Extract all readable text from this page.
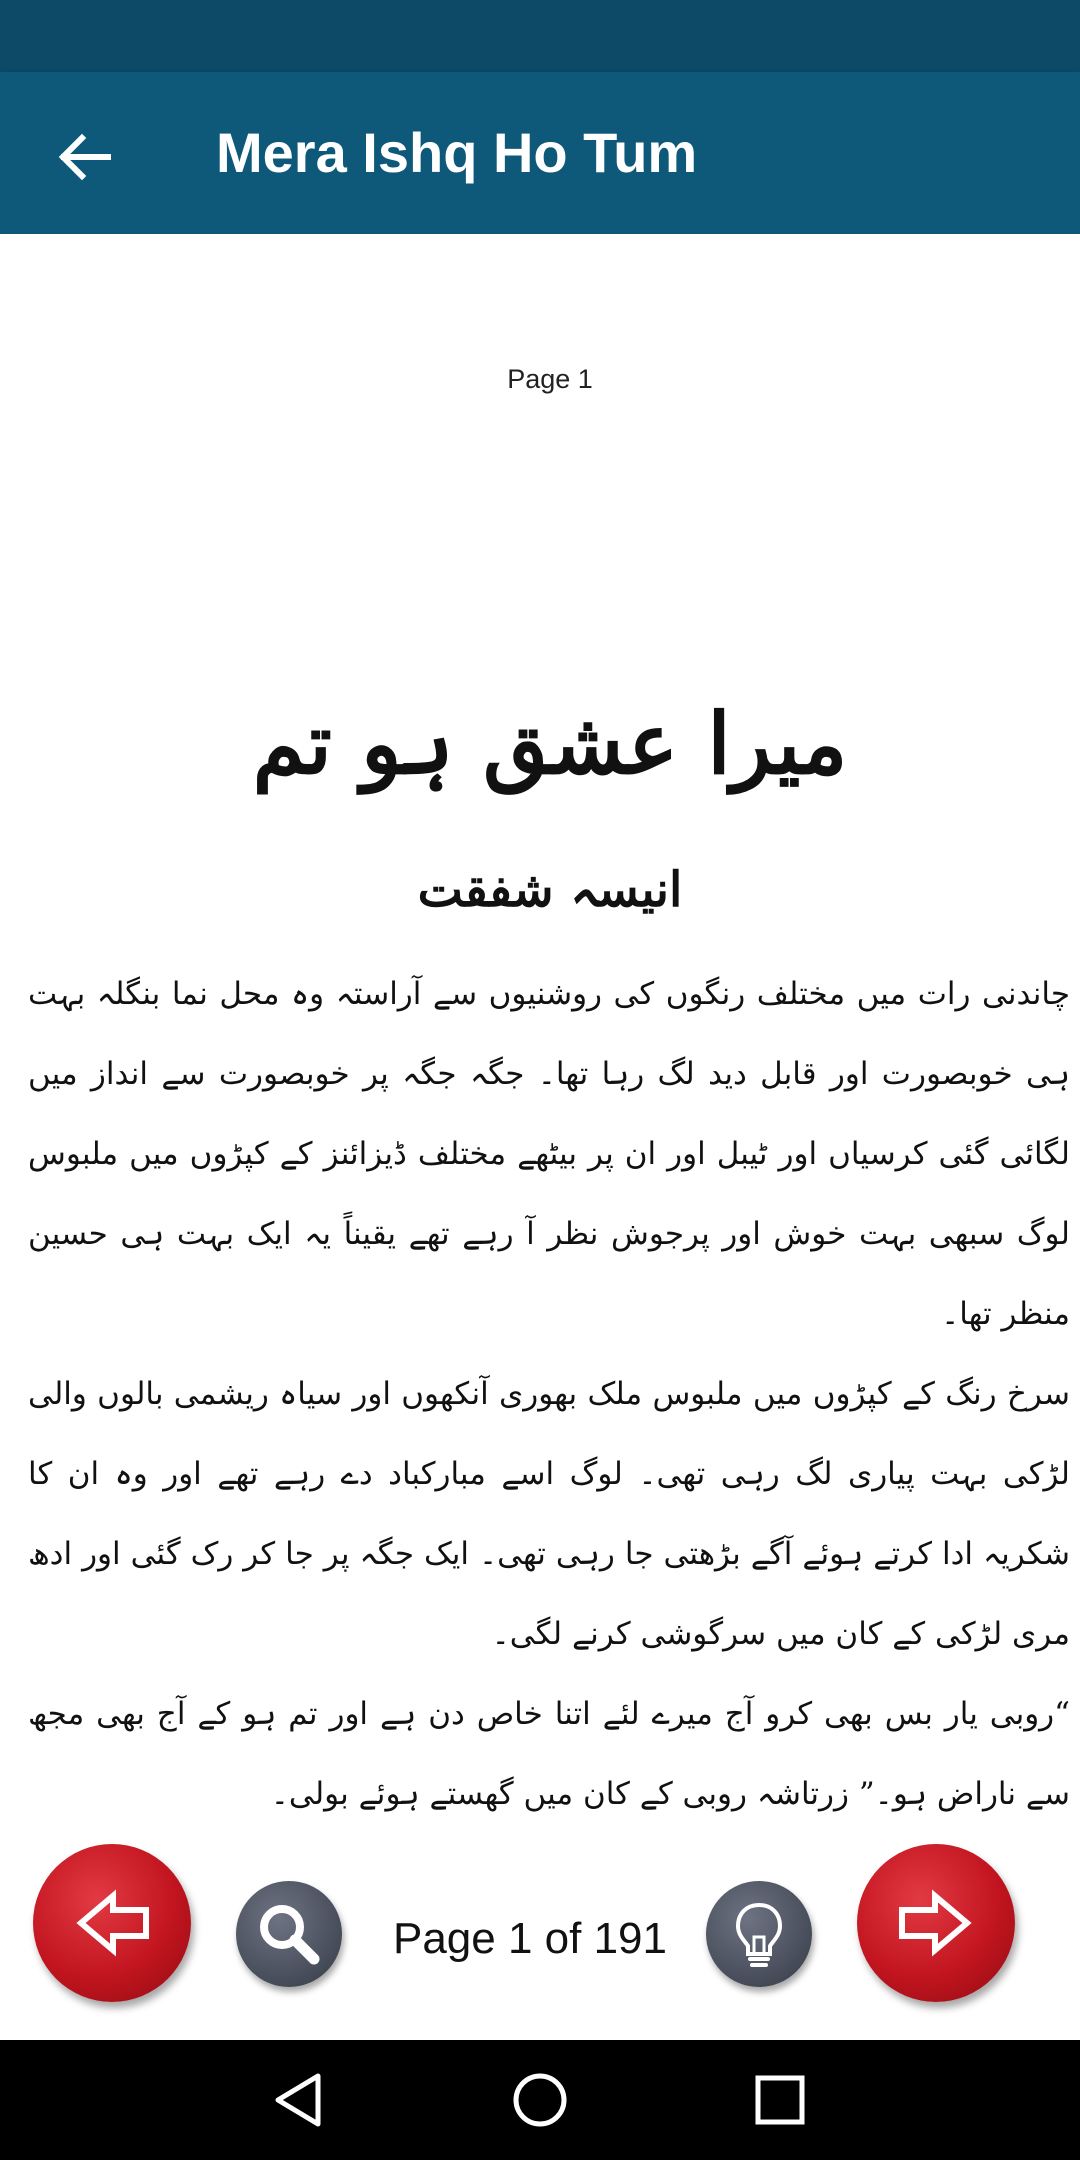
Mera Ishq Ho Tum
Page 1
میرا عشق ہو تم
انیسہ شفقت

چاندنی رات میں مختلف رنگوں کی روشنیوں سے آراستہ وہ محل نما بنگلہ بہت ہی خوبصورت اور قابل دید لگ رہا تھا۔ جگہ جگہ پر خوبصورت سے انداز میں لگائی گئی کرسیاں اور ٹیبل اور ان پر بیٹھے مختلف ڈیزائنز کے کپڑوں میں ملبوس لوگ سبھی بہت خوش اور پرجوش نظر آ رہے تھے یقیناً یہ ایک بہت ہی حسین منظر تھا۔

سرخ رنگ کے کپڑوں میں ملبوس ملک بھوری آنکھوں اور سیاہ ریشمی بالوں والی لڑکی بہت پیاری لگ رہی تھی۔ لوگ اسے مبارکباد دے رہے تھے اور وہ ان کا شکریہ ادا کرتے ہوئے آگے بڑھتی جا رہی تھی۔ ایک جگہ پر جا کر رک گئی اور ادھ مری لڑکی کے کان میں سرگوشی کرنے لگی۔

“روبی یار بس بھی کرو آج میرے لئے اتنا خاص دن ہے اور تم ہو کے آج بھی مجھ سے ناراض ہو۔” زرتاشہ روبی کے کان میں گھستے ہوئے بولی۔

Page 1 of 191
